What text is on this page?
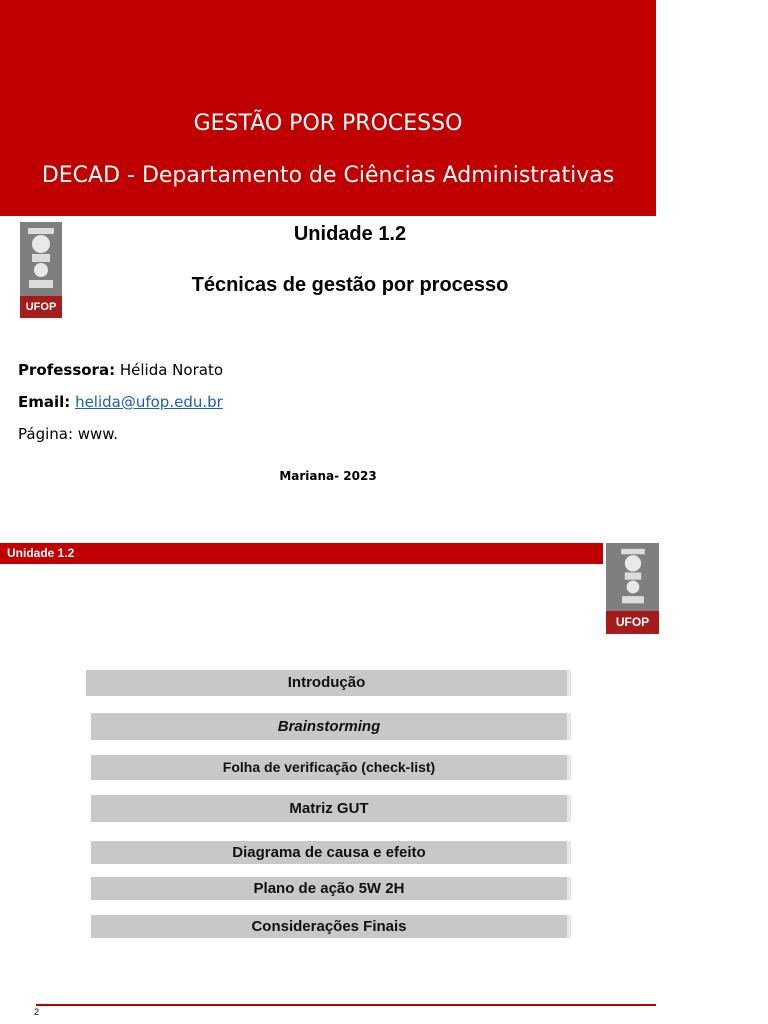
GESTÃO POR PROCESSO
DECAD - Departamento de Ciências Administrativas
UFOP
Unidade 1.2
Técnicas de gestão por processo
Professora: Hélida Norato
Email: helida@ufop.edu.br
Página: www.
Mariana- 2023
Unidade 1.2
UFOP
Introdução
Brainstorming
Folha de verificação (check-list)
Matriz GUT
Diagrama de causa e efeito
Plano de ação 5W 2H
Considerações Finais
2
